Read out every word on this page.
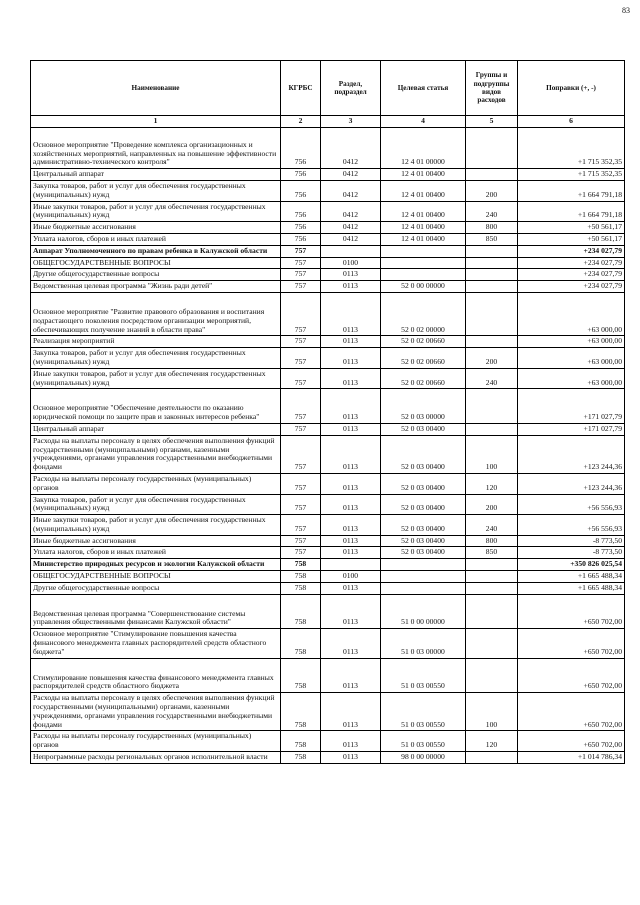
83
Наименование	КГРБС	Раздел, подраздел	Целевая статья	Группы и подгруппы видов расходов	Поправки (+, -)
1	2	3	4	5	6

Основное мероприятие "Проведение комплекса организационных и хозяйственных мероприятий, направленных на повышение эффективности административно-технического контроля"	756	0412	12 4 01 00000		+1 715 352,35
Центральный аппарат	756	0412	12 4 01 00400		+1 715 352,35
Закупка товаров, работ и услуг для обеспечения государственных (муниципальных) нужд	756	0412	12 4 01 00400	200	+1 664 791,18
Иные закупки товаров, работ и услуг для обеспечения государственных (муниципальных) нужд	756	0412	12 4 01 00400	240	+1 664 791,18
Иные бюджетные ассигнования	756	0412	12 4 01 00400	800	+50 561,17
Уплата налогов, сборов и иных платежей	756	0412	12 4 01 00400	850	+50 561,17
Аппарат Уполномоченного по правам ребенка в Калужской области	757				+234 027,79
ОБЩЕГОСУДАРСТВЕННЫЕ ВОПРОСЫ	757	0100			+234 027,79
Другие общегосударственные вопросы	757	0113			+234 027,79
Ведомственная целевая программа "Жизнь ради детей"	757	0113	52 0 00 00000		+234 027,79

Основное мероприятие "Развитие правового образования и воспитания подрастающего поколения посредством организации мероприятий, обеспечивающих получение знаний в области права"	757	0113	52 0 02 00000		+63 000,00
Реализация мероприятий	757	0113	52 0 02 00660		+63 000,00
Закупка товаров, работ и услуг для обеспечения государственных (муниципальных) нужд	757	0113	52 0 02 00660	200	+63 000,00
Иные закупки товаров, работ и услуг для обеспечения государственных (муниципальных) нужд	757	0113	52 0 02 00660	240	+63 000,00

Основное мероприятие "Обеспечение деятельности по оказанию юридической помощи по защите прав и законных интересов ребенка"	757	0113	52 0 03 00000		+171 027,79
Центральный аппарат	757	0113	52 0 03 00400		+171 027,79
Расходы на выплаты персоналу в целях обеспечения выполнения функций государственными (муниципальными) органами, казенными учреждениями, органами управления государственными внебюджетными фондами	757	0113	52 0 03 00400	100	+123 244,36
Расходы на выплаты персоналу государственных (муниципальных) органов	757	0113	52 0 03 00400	120	+123 244,36
Закупка товаров, работ и услуг для обеспечения государственных (муниципальных) нужд	757	0113	52 0 03 00400	200	+56 556,93
Иные закупки товаров, работ и услуг для обеспечения государственных (муниципальных) нужд	757	0113	52 0 03 00400	240	+56 556,93
Иные бюджетные ассигнования	757	0113	52 0 03 00400	800	-8 773,50
Уплата налогов, сборов и иных платежей	757	0113	52 0 03 00400	850	-8 773,50
Министерство природных ресурсов и экологии Калужской области	758				+350 826 025,54
ОБЩЕГОСУДАРСТВЕННЫЕ ВОПРОСЫ	758	0100			+1 665 488,34
Другие общегосударственные вопросы	758	0113			+1 665 488,34

Ведомственная целевая программа "Совершенствование системы управления общественными финансами Калужской области"	758	0113	51 0 00 00000		+650 702,00
Основное мероприятие "Стимулирование повышения качества финансового менеджмента главных распорядителей средств областного бюджета"	758	0113	51 0 03 00000		+650 702,00

Стимулирование повышения качества финансового менеджмента главных распорядителей средств областного бюджета	758	0113	51 0 03 00550		+650 702,00
Расходы на выплаты персоналу в целях обеспечения выполнения функций государственными (муниципальными) органами, казенными учреждениями, органами управления государственными внебюджетными фондами	758	0113	51 0 03 00550	100	+650 702,00
Расходы на выплаты персоналу государственных (муниципальных) органов	758	0113	51 0 03 00550	120	+650 702,00
Непрограммные расходы региональных органов исполнительной власти	758	0113	98 0 00 00000		+1 014 786,34
